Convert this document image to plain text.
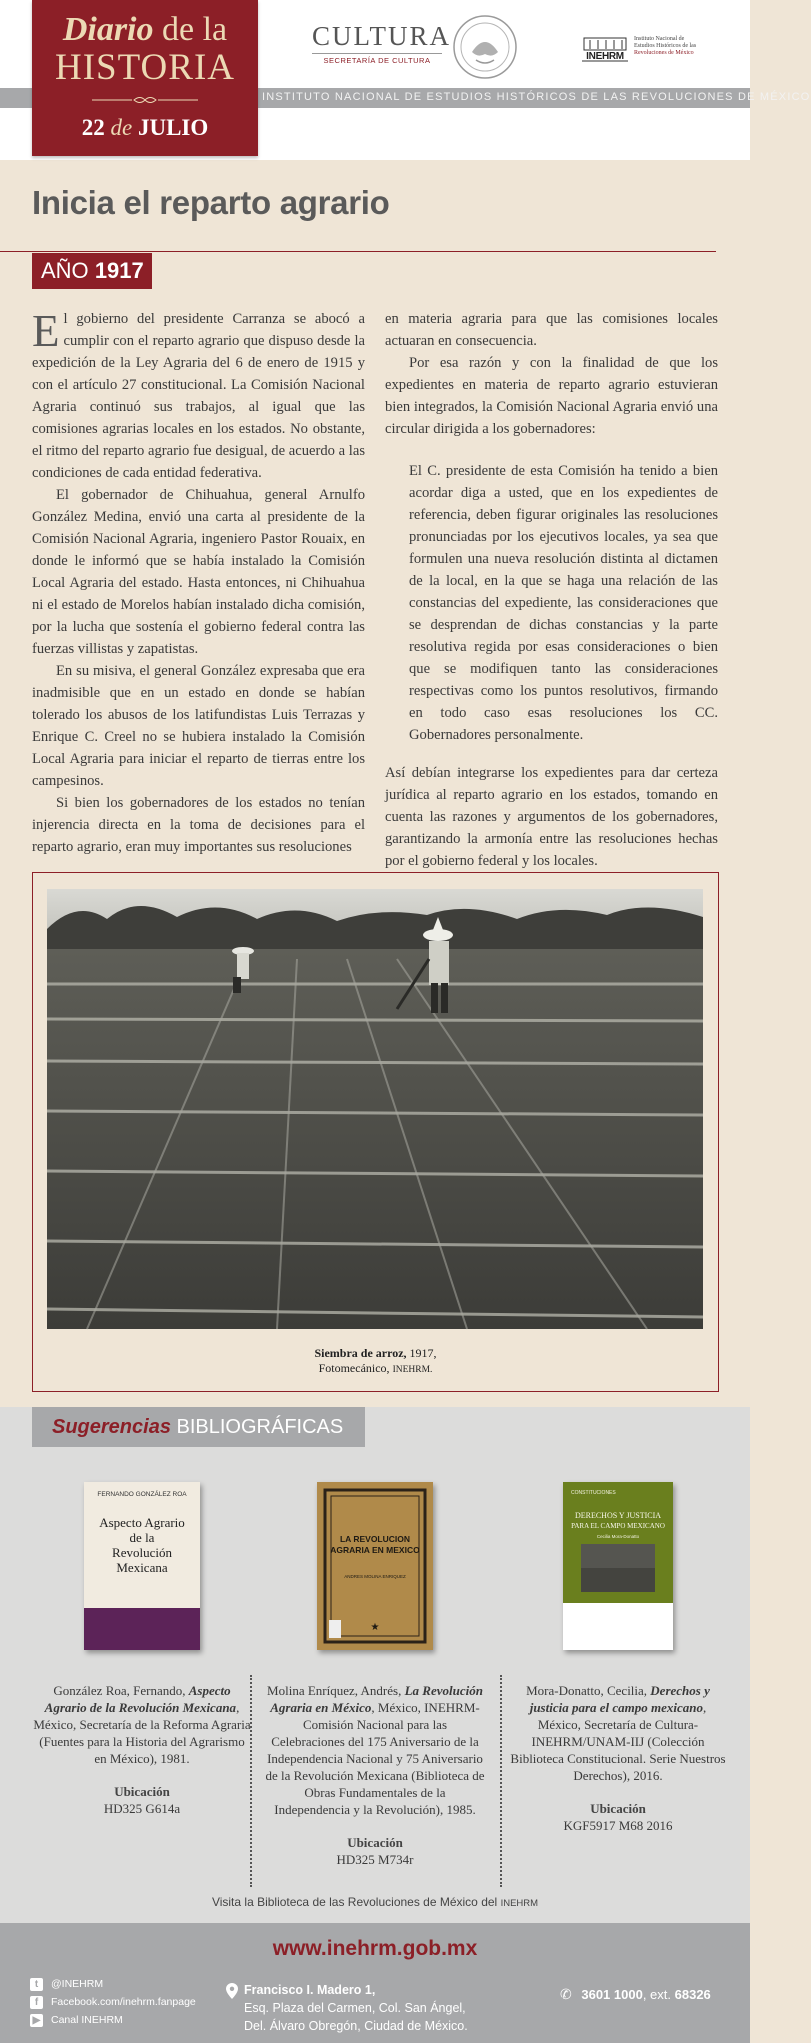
INSTITUTO NACIONAL DE ESTUDIOS HISTÓRICOS DE LAS REVOLUCIONES DE MÉXICO
Diario de la
HISTORIA
22 de JULIO
CULTURA
SECRETARÍA DE CULTURA	INEHRM
Instituto Nacional de
Estudios Históricos de las
Revoluciones de México
Inicia el reparto agrario
AÑO 1917

El gobierno del presidente Carranza se abocó a cumplir con el reparto agrario que dispuso desde la expedición de la Ley Agraria del 6 de enero de 1915 y con el artículo 27 constitucional. La Comisión Nacional Agraria continuó sus trabajos, al igual que las comisiones agrarias locales en los estados. No obstante, el ritmo del reparto agrario fue desigual, de acuerdo a las condiciones de cada entidad federativa.

El gobernador de Chihuahua, general Arnulfo González Medina, envió una carta al presidente de la Comisión Nacional Agraria, ingeniero Pastor Rouaix, en donde le informó que se había instalado la Comisión Local Agraria del estado. Hasta entonces, ni Chihuahua ni el estado de Morelos habían instalado dicha comisión, por la lucha que sostenía el gobierno federal contra las fuerzas villistas y zapatistas.

En su misiva, el general González expresaba que era inadmisible que en un estado en donde se habían tolerado los abusos de los latifundistas Luis Terrazas y Enrique C. Creel no se hubiera instalado la Comisión Local Agraria para iniciar el reparto de tierras entre los campesinos.

Si bien los gobernadores de los estados no tenían injerencia directa en la toma de decisiones para el reparto agrario, eran muy importantes sus resoluciones

en materia agraria para que las comisiones locales actuaran en consecuencia.

Por esa razón y con la finalidad de que los expedientes en materia de reparto agrario estuvieran bien integrados, la Comisión Nacional Agraria envió una circular dirigida a los gobernadores:

El C. presidente de esta Comisión ha tenido a bien acordar diga a usted, que en los expedientes de referencia, deben figurar originales las resoluciones pronunciadas por los ejecutivos locales, ya sea que formulen una nueva resolución distinta al dictamen de la local, en la que se haga una relación de las constancias del expediente, las consideraciones que se desprendan de dichas constancias y la parte resolutiva regida por esas consideraciones o bien que se modifiquen tanto las consideraciones respectivas como los puntos resolutivos, firmando en todo caso esas resoluciones los CC. Gobernadores personalmente.

Así debían integrarse los expedientes para dar certeza jurídica al reparto agrario en los estados, tomando en cuenta las razones y argumentos de los gobernadores, garantizando la armonía entre las resoluciones hechas por el gobierno federal y los locales.

Siembra de arroz, 1917,
Fotomecánico, INEHRM.
Sugerencias BIBLIOGRÁFICAS
FERNANDO GONZÁLEZ ROA
Aspecto Agrario
de la
Revolución
Mexicana
González Roa, Fernando, Aspecto Agrario de la Revolución Mexicana, México, Secretaría de la Reforma Agraria (Fuentes para la Historia del Agrarismo en México), 1981.
Ubicación
HD325 G614a
LA REVOLUCION
AGRARIA EN MEXICO
ANDRES MOLINA ENRIQUEZ
★
Molina Enríquez, Andrés, La Revolución Agraria en México, México, INEHRM-Comisión Nacional para las Celebraciones del 175 Aniversario de la Independencia Nacional y 75 Aniversario de la Revolución Mexicana (Biblioteca de Obras Fundamentales de la Independencia y la Revolución), 1985.
Ubicación
HD325 M734r
CONSTITUCIONES
DERECHOS Y JUSTICIA
PARA EL CAMPO MEXICANO
Cecilia Mora-Donatto
Mora-Donatto, Cecilia, Derechos y justicia para el campo mexicano, México, Secretaría de Cultura-INEHRM/UNAM-IIJ (Colección Biblioteca Constitucional. Serie Nuestros Derechos), 2016.
Ubicación
KGF5917 M68 2016
Visita la Biblioteca de las Revoluciones de México del INEHRM
www.inehrm.gob.mx
t	@INEHRM
f	Facebook.com/inehrm.fanpage
▶ Canal INEHRM
Francisco I. Madero 1,
Esq. Plaza del Carmen, Col. San Ángel,
Del. Álvaro Obregón, Ciudad de México.
✆ 3601 1000, ext. 68326
